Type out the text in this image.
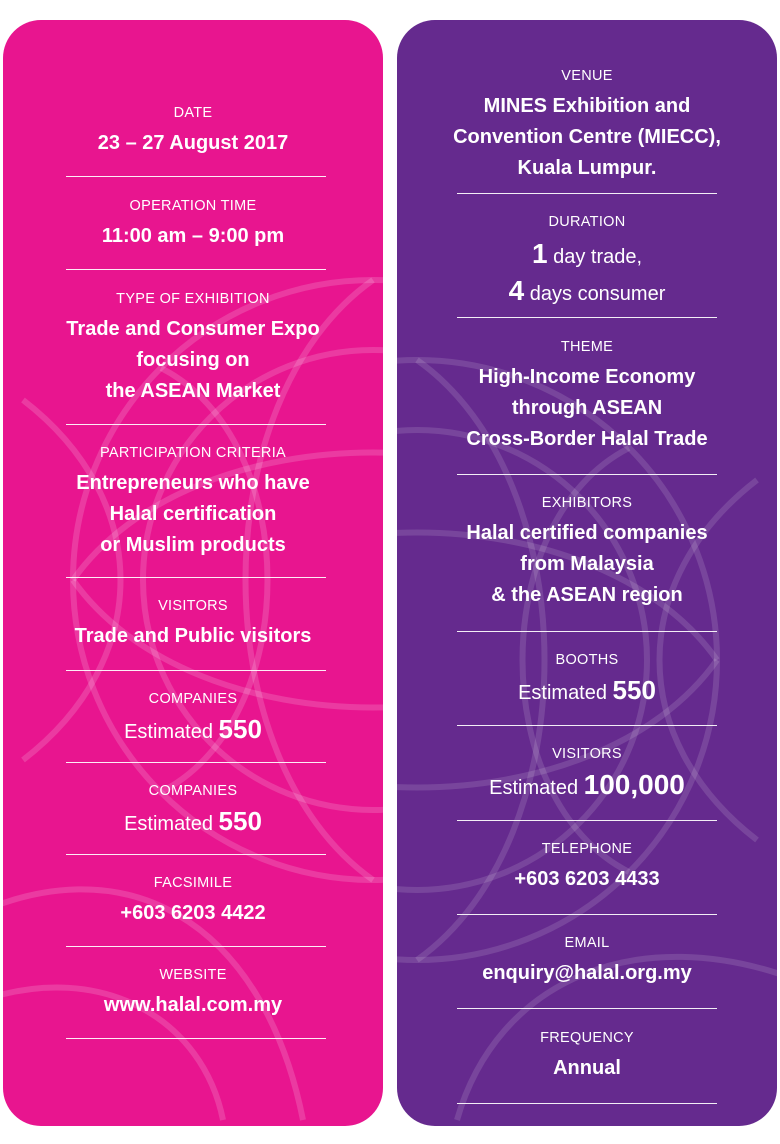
DATE
23 – 27 August 2017
OPERATION TIME
11:00 am – 9:00 pm
TYPE OF EXHIBITION
Trade and Consumer Expo
focusing on
the ASEAN Market
PARTICIPATION CRITERIA
Entrepreneurs who have
Halal certification
or Muslim products
VISITORS
Trade and Public visitors
COMPANIES
Estimated 550
COMPANIES
Estimated 550
FACSIMILE
+603 6203 4422
WEBSITE
www.halal.com.my
VENUE
MINES Exhibition and
Convention Centre (MIECC),
Kuala Lumpur.
DURATION
1 day trade,
4 days consumer
THEME
High-Income Economy
through ASEAN
Cross-Border Halal Trade
EXHIBITORS
Halal certified companies
from Malaysia
& the ASEAN region
BOOTHS
Estimated 550
VISITORS
Estimated 100,000
TELEPHONE
+603 6203 4433
EMAIL
enquiry@halal.org.my
FREQUENCY
Annual
